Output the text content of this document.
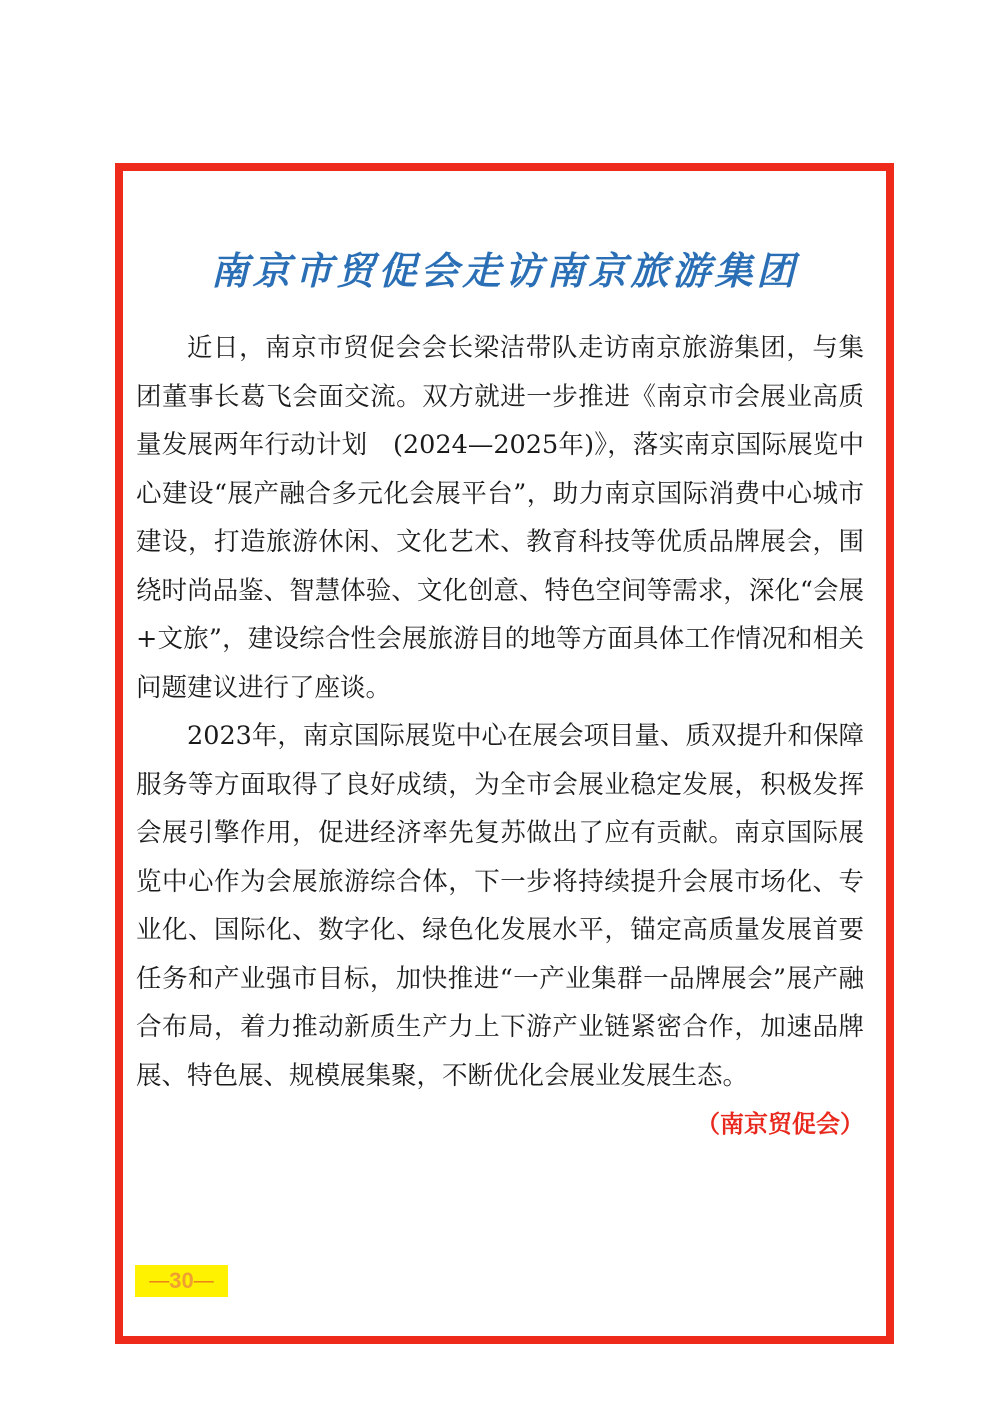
南京市贸促会走访南京旅游集团

近日，南京市贸促会会长梁洁带队走访南京旅游集团，与集团董事长葛飞会面交流。双方就进一步推进《南京市会展业高质量发展两年行动计划　(2024—2025年)》，落实南京国际展览中心建设“展产融合多元化会展平台”，助力南京国际消费中心城市建设，打造旅游休闲、文化艺术、教育科技等优质品牌展会，围绕时尚品鉴、智慧体验、文化创意、特色空间等需求，深化“会展+文旅”，建设综合性会展旅游目的地等方面具体工作情况和相关问题建议进行了座谈。

2023年，南京国际展览中心在展会项目量、质双提升和保障服务等方面取得了良好成绩，为全市会展业稳定发展，积极发挥会展引擎作用，促进经济率先复苏做出了应有贡献。南京国际展览中心作为会展旅游综合体，下一步将持续提升会展市场化、专业化、国际化、数字化、绿色化发展水平，锚定高质量发展首要任务和产业强市目标，加快推进“一产业集群一品牌展会”展产融合布局，着力推动新质生产力上下游产业链紧密合作，加速品牌展、特色展、规模展集聚，不断优化会展业发展生态。
（南京贸促会）

— 30 —
